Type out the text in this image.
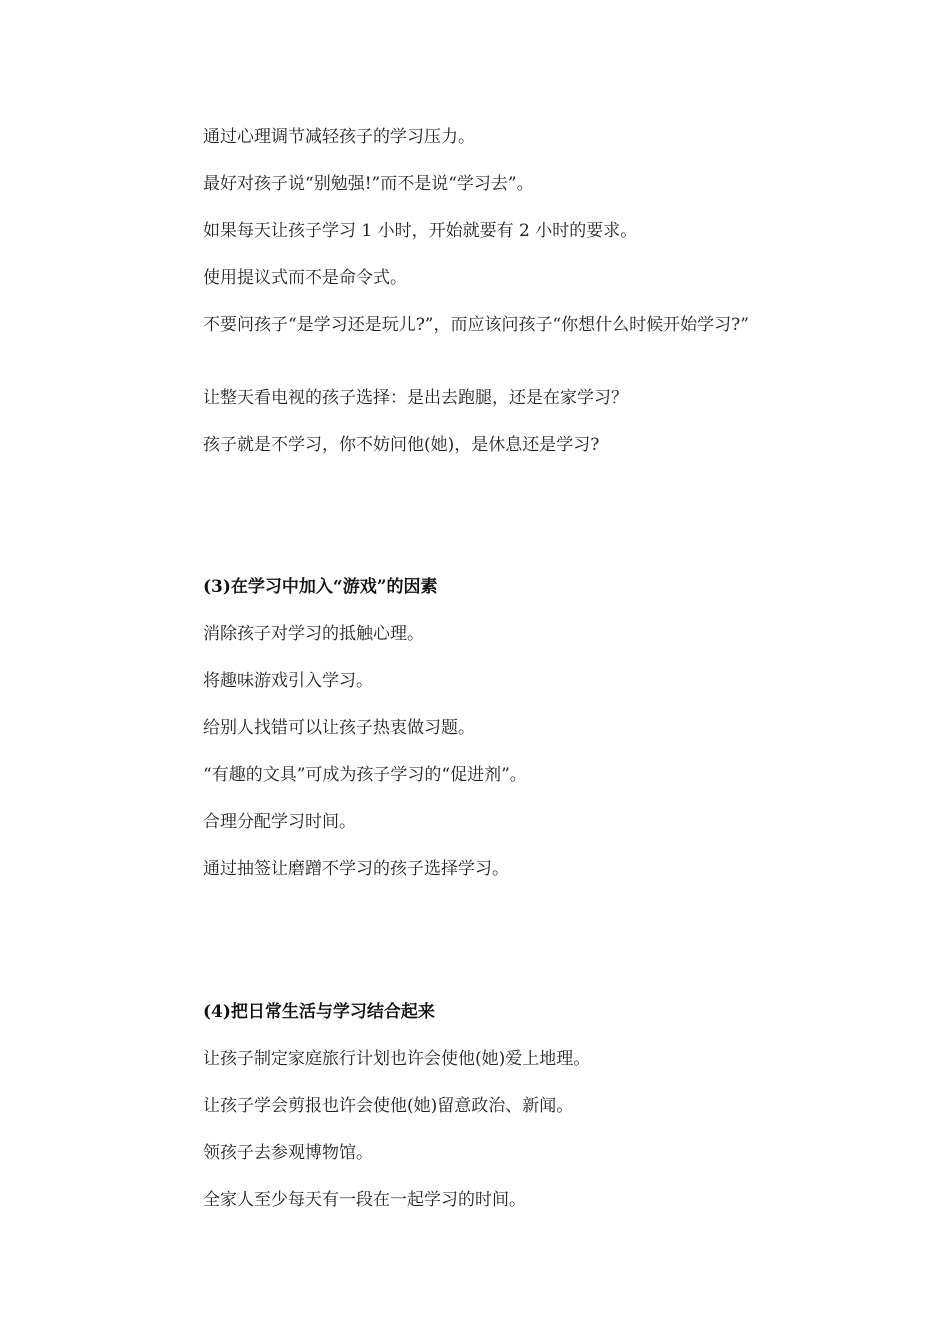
通过心理调节减轻孩子的学习压力。

最好对孩子说“别勉强!”而不是说“学习去”。

如果每天让孩子学习 1 小时，开始就要有 2 小时的要求。

使用提议式而不是命令式。

不要问孩子“是学习还是玩儿?”，而应该问孩子“你想什么时候开始学习?”

让整天看电视的孩子选择：是出去跑腿，还是在家学习？

孩子就是不学习，你不妨问他(她)，是休息还是学习?

(3)在学习中加入“游戏”的因素

消除孩子对学习的抵触心理。

将趣味游戏引入学习。

给别人找错可以让孩子热衷做习题。

“有趣的文具”可成为孩子学习的“促进剂”。

合理分配学习时间。

通过抽签让磨蹭不学习的孩子选择学习。

(4)把日常生活与学习结合起来

让孩子制定家庭旅行计划也许会使他(她)爱上地理。

让孩子学会剪报也许会使他(她)留意政治、新闻。

领孩子去参观博物馆。

全家人至少每天有一段在一起学习的时间。
